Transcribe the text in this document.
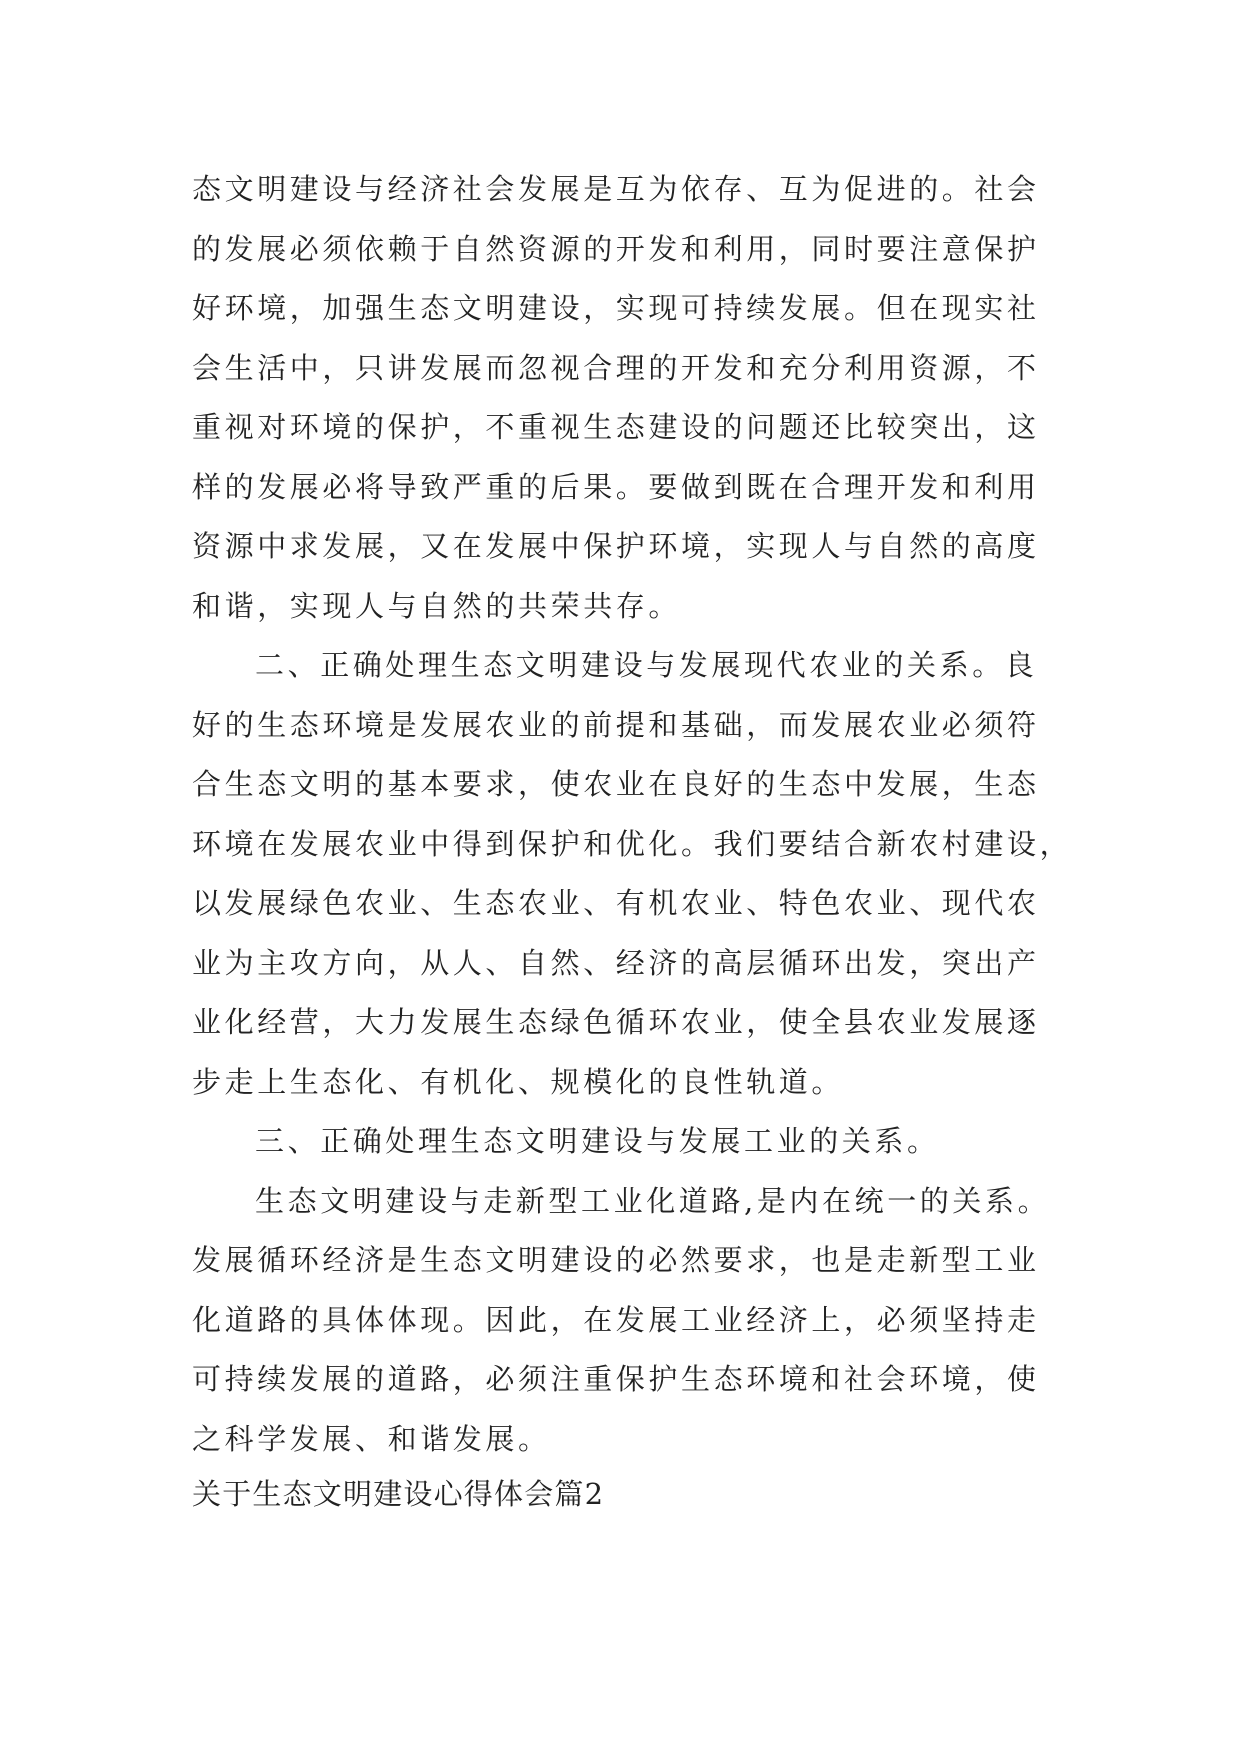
态文明建设与经济社会发展是互为依存、互为促进的。社会
的发展必须依赖于自然资源的开发和利用，同时要注意保护
好环境，加强生态文明建设，实现可持续发展。但在现实社
会生活中，只讲发展而忽视合理的开发和充分利用资源，不
重视对环境的保护，不重视生态建设的问题还比较突出，这
样的发展必将导致严重的后果。要做到既在合理开发和利用
资源中求发展，又在发展中保护环境，实现人与自然的高度
和谐，实现人与自然的共荣共存。
二、正确处理生态文明建设与发展现代农业的关系。良
好的生态环境是发展农业的前提和基础，而发展农业必须符
合生态文明的基本要求，使农业在良好的生态中发展，生态
环境在发展农业中得到保护和优化。我们要结合新农村建设，
以发展绿色农业、生态农业、有机农业、特色农业、现代农
业为主攻方向，从人、自然、经济的高层循环出发，突出产
业化经营，大力发展生态绿色循环农业，使全县农业发展逐
步走上生态化、有机化、规模化的良性轨道。
三、正确处理生态文明建设与发展工业的关系。
生态文明建设与走新型工业化道路,是内在统一的关系。
发展循环经济是生态文明建设的必然要求，也是走新型工业
化道路的具体体现。因此，在发展工业经济上，必须坚持走
可持续发展的道路，必须注重保护生态环境和社会环境，使
之科学发展、和谐发展。
关于生态文明建设心得体会篇2
